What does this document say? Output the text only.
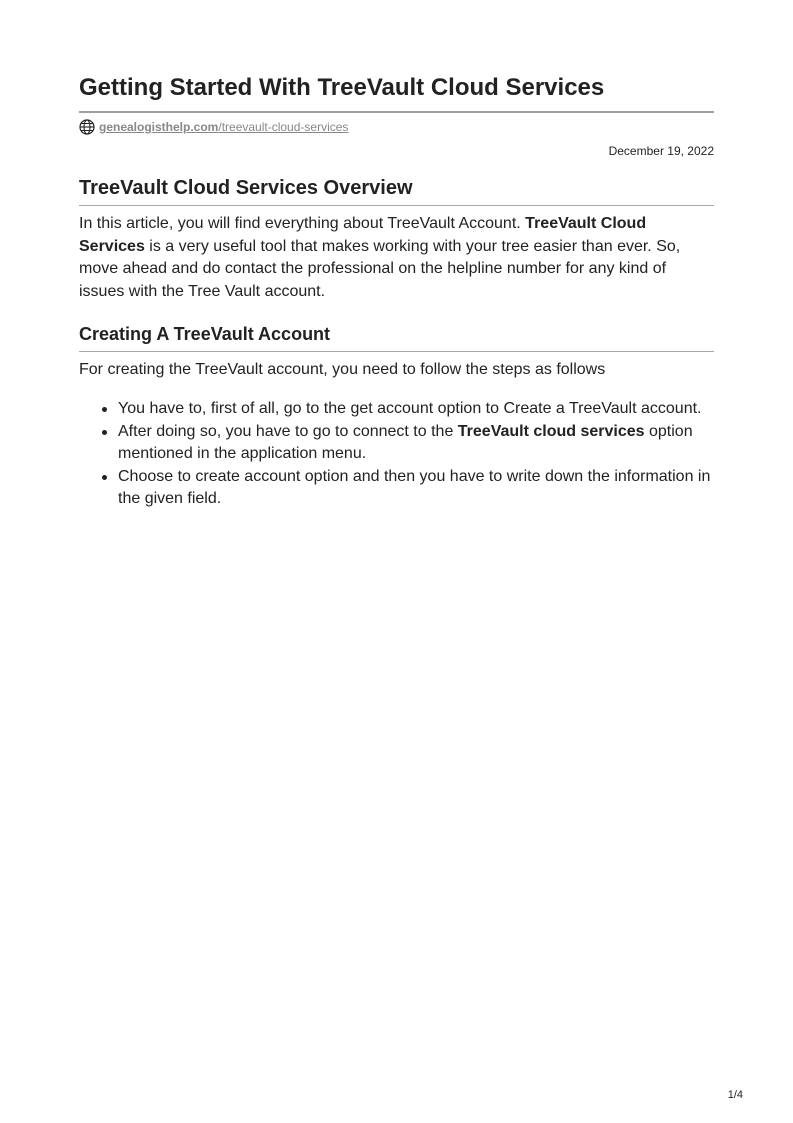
Getting Started With TreeVault Cloud Services
genealogisthelp.com/treevault-cloud-services
December 19, 2022
TreeVault Cloud Services Overview

In this article, you will find everything about TreeVault Account. TreeVault Cloud Services is a very useful tool that makes working with your tree easier than ever. So, move ahead and do contact the professional on the helpline number for any kind of issues with the Tree Vault account.

Creating A TreeVault Account

For creating the TreeVault account, you need to follow the steps as follows

You have to, first of all, go to the get account option to Create a TreeVault account.
After doing so, you have to go to connect to the TreeVault cloud services option mentioned in the application menu.
Choose to create account option and then you have to write down the information in the given field.
1/4
